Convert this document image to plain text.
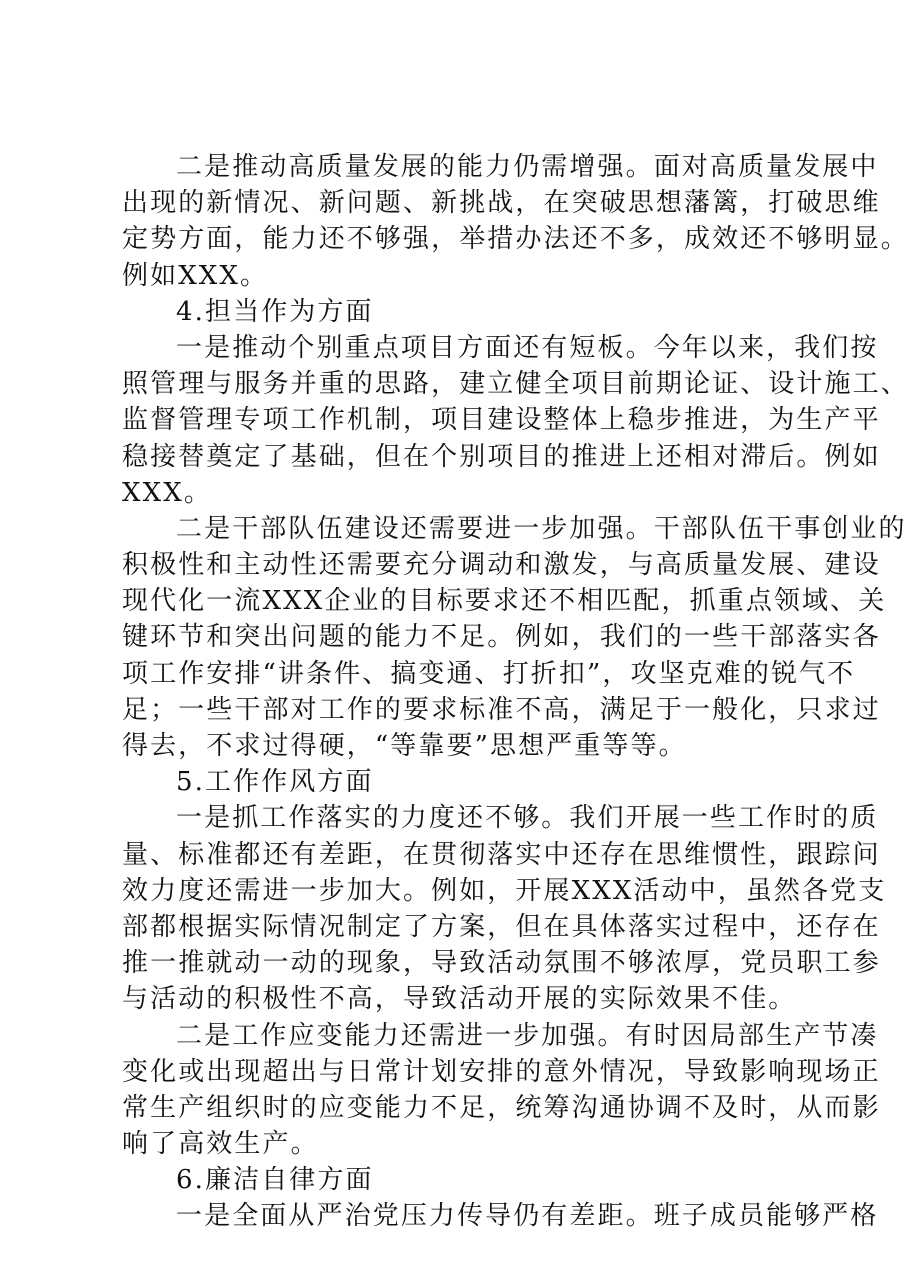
二是推动高质量发展的能力仍需增强。面对高质量发展中
出现的新情况、新问题、新挑战，在突破思想藩篱，打破思维
定势方面，能力还不够强，举措办法还不多，成效还不够明显。
例如XXX。
4.担当作为方面
一是推动个别重点项目方面还有短板。今年以来，我们按
照管理与服务并重的思路，建立健全项目前期论证、设计施工、
监督管理专项工作机制，项目建设整体上稳步推进，为生产平
稳接替奠定了基础，但在个别项目的推进上还相对滞后。例如
XXX。
二是干部队伍建设还需要进一步加强。干部队伍干事创业的
积极性和主动性还需要充分调动和激发，与高质量发展、建设
现代化一流XXX企业的目标要求还不相匹配，抓重点领域、关
键环节和突出问题的能力不足。例如，我们的一些干部落实各
项工作安排“讲条件、搞变通、打折扣”，攻坚克难的锐气不
足；一些干部对工作的要求标准不高，满足于一般化，只求过
得去，不求过得硬，“等靠要”思想严重等等。
5.工作作风方面
一是抓工作落实的力度还不够。我们开展一些工作时的质
量、标准都还有差距，在贯彻落实中还存在思维惯性，跟踪问
效力度还需进一步加大。例如，开展XXX活动中，虽然各党支
部都根据实际情况制定了方案，但在具体落实过程中，还存在
推一推就动一动的现象，导致活动氛围不够浓厚，党员职工参
与活动的积极性不高，导致活动开展的实际效果不佳。
二是工作应变能力还需进一步加强。有时因局部生产节凑
变化或出现超出与日常计划安排的意外情况，导致影响现场正
常生产组织时的应变能力不足，统筹沟通协调不及时，从而影
响了高效生产。
6.廉洁自律方面
一是全面从严治党压力传导仍有差距。班子成员能够严格
